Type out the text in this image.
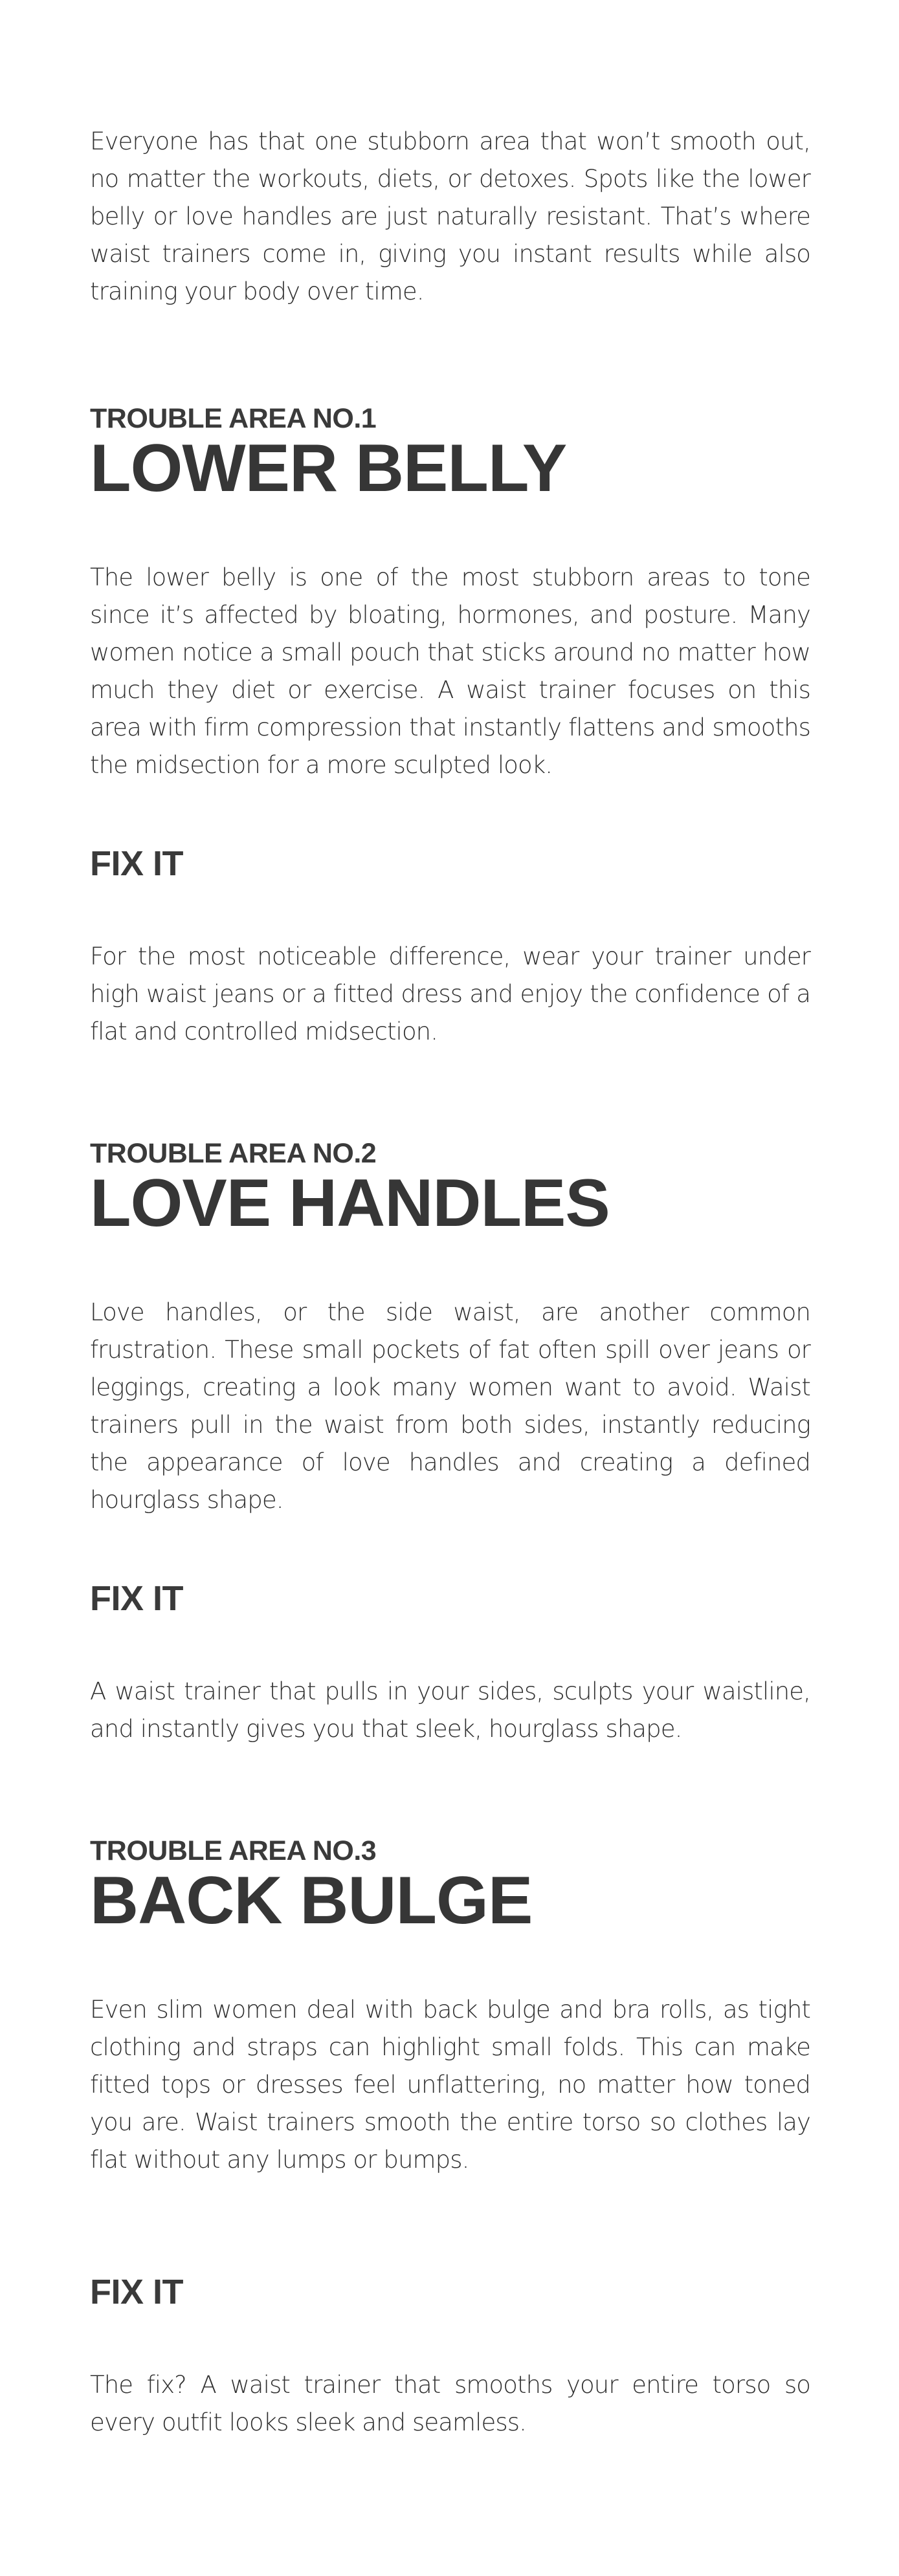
Everyone has that one stubborn area that won’t smooth out, no matter the workouts, diets, or detoxes. Spots like the lower belly or love handles are just naturally resistant. That’s where waist trainers come in, giving you instant results while also training your body over time.

TROUBLE AREA NO.1
LOWER BELLY

The lower belly is one of the most stubborn areas to tone since it’s affected by bloating, hormones, and posture. Many women notice a small pouch that sticks around no matter how much they diet or exercise. A waist trainer focuses on this area with firm compression that instantly flattens and smooths the midsection for a more sculpted look.

FIX IT

For the most noticeable difference, wear your trainer under high waist jeans or a fitted dress and enjoy the confidence of a flat and controlled midsection.

TROUBLE AREA NO.2
LOVE HANDLES

Love handles, or the side waist, are another common frustration. These small pockets of fat often spill over jeans or leggings, creating a look many women want to avoid. Waist trainers pull in the waist from both sides, instantly reducing the appearance of love handles and creating a defined hourglass shape.

FIX IT

A waist trainer that pulls in your sides, sculpts your waistline, and instantly gives you that sleek, hourglass shape.

TROUBLE AREA NO.3
BACK BULGE

Even slim women deal with back bulge and bra rolls, as tight clothing and straps can highlight small folds. This can make fitted tops or dresses feel unflattering, no matter how toned you are. Waist trainers smooth the entire torso so clothes lay flat without any lumps or bumps.

FIX IT

The fix? A waist trainer that smooths your entire torso so every outfit looks sleek and seamless.
